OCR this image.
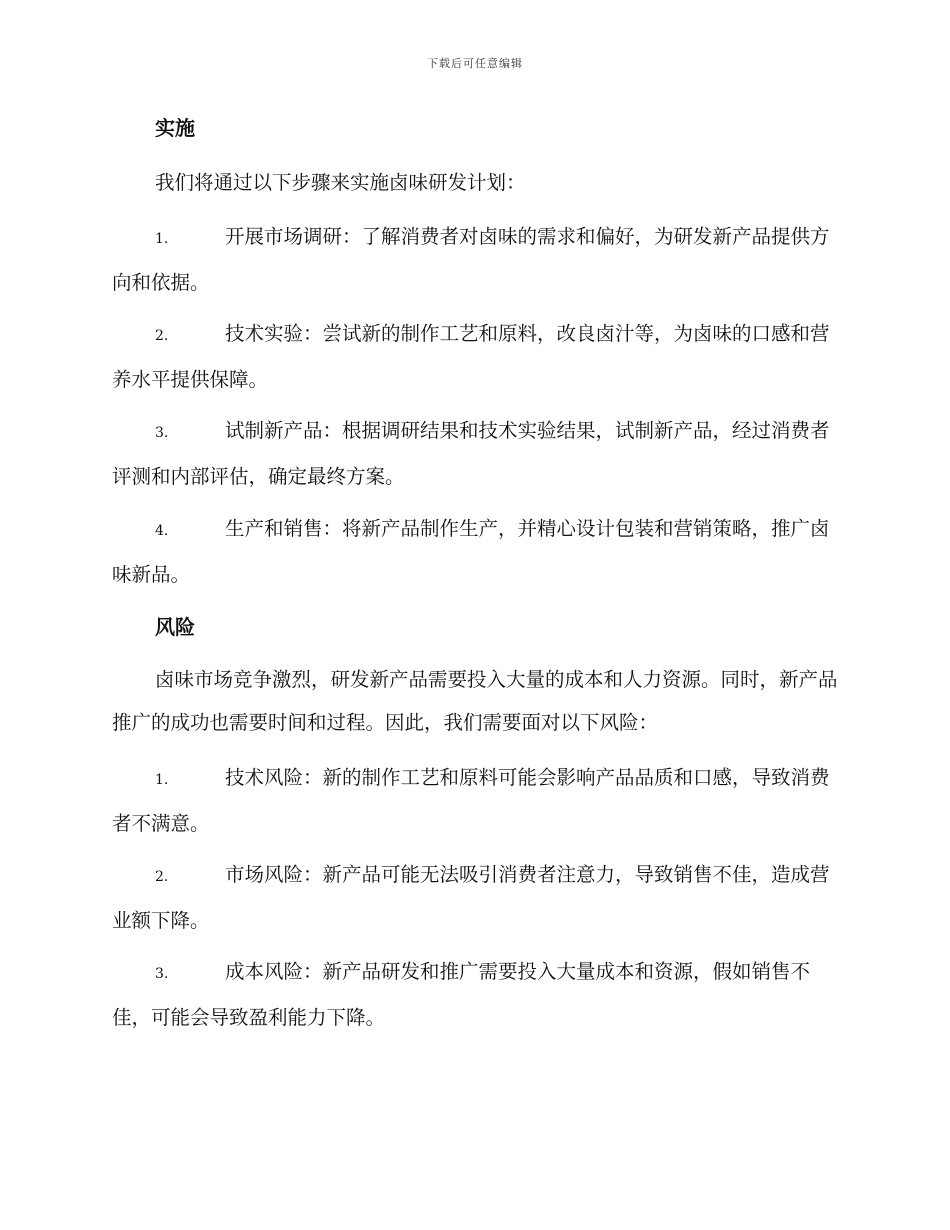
下载后可任意编辑
实施
我们将通过以下步骤来实施卤味研发计划：
1.	开展市场调研：了解消费者对卤味的需求和偏好，为研发新产品提供方向和依据。
2.	技术实验：尝试新的制作工艺和原料，改良卤汁等，为卤味的口感和营养水平提供保障。
3.	试制新产品：根据调研结果和技术实验结果，试制新产品，经过消费者评测和内部评估，确定最终方案。
4.	生产和销售：将新产品制作生产，并精心设计包装和营销策略，推广卤味新品。
风险
卤味市场竞争激烈，研发新产品需要投入大量的成本和人力资源。同时，新产品推广的成功也需要时间和过程。因此，我们需要面对以下风险：
1.	技术风险：新的制作工艺和原料可能会影响产品品质和口感，导致消费者不满意。
2.	市场风险：新产品可能无法吸引消费者注意力，导致销售不佳，造成营业额下降。
3.	成本风险：新产品研发和推广需要投入大量成本和资源，假如销售不佳，可能会导致盈利能力下降。
